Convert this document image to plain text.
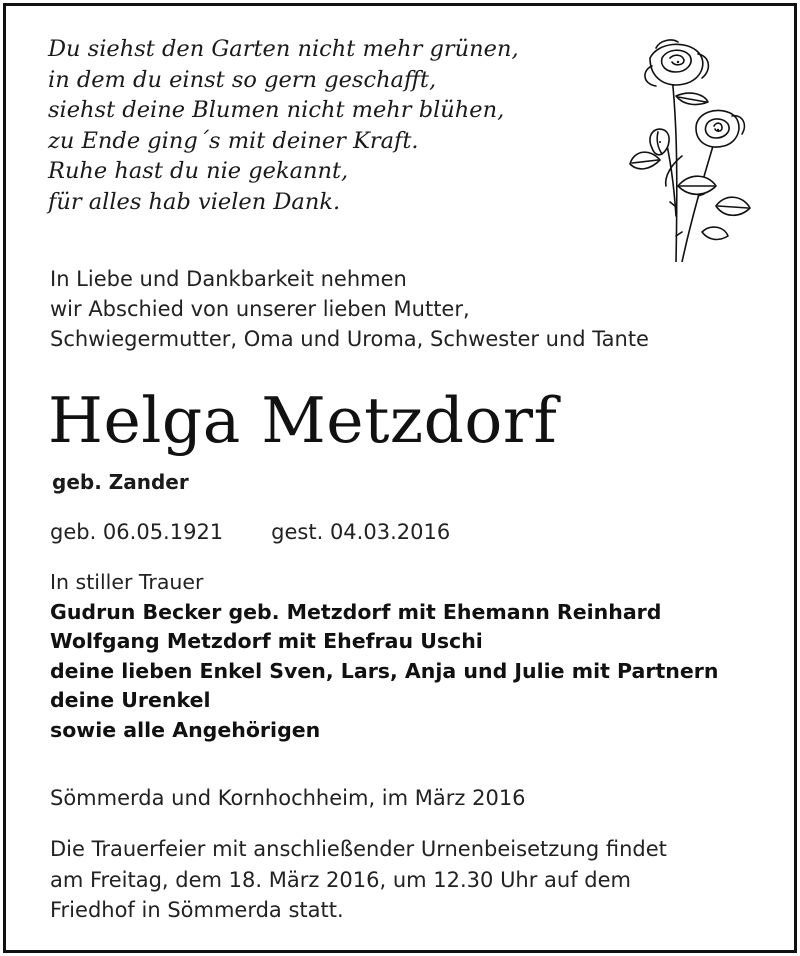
Du siehst den Garten nicht mehr grünen,
in dem du einst so gern geschafft,
siehst deine Blumen nicht mehr blühen,
zu Ende ging´s mit deiner Kraft.
Ruhe hast du nie gekannt,
für alles hab vielen Dank.
In Liebe und Dankbarkeit nehmen
wir Abschied von unserer lieben Mutter,
Schwiegermutter, Oma und Uroma, Schwester und Tante
Helga Metzdorf
geb. Zander
geb. 06.05.1921 gest. 04.03.2016
In stiller Trauer
Gudrun Becker geb. Metzdorf mit Ehemann Reinhard
Wolfgang Metzdorf mit Ehefrau Uschi
deine lieben Enkel Sven, Lars, Anja und Julie mit Partnern
deine Urenkel
sowie alle Angehörigen
Sömmerda und Kornhochheim, im März 2016
Die Trauerfeier mit anschließender Urnenbeisetzung findet
am Freitag, dem 18. März 2016, um 12.30 Uhr auf dem
Friedhof in Sömmerda statt.
